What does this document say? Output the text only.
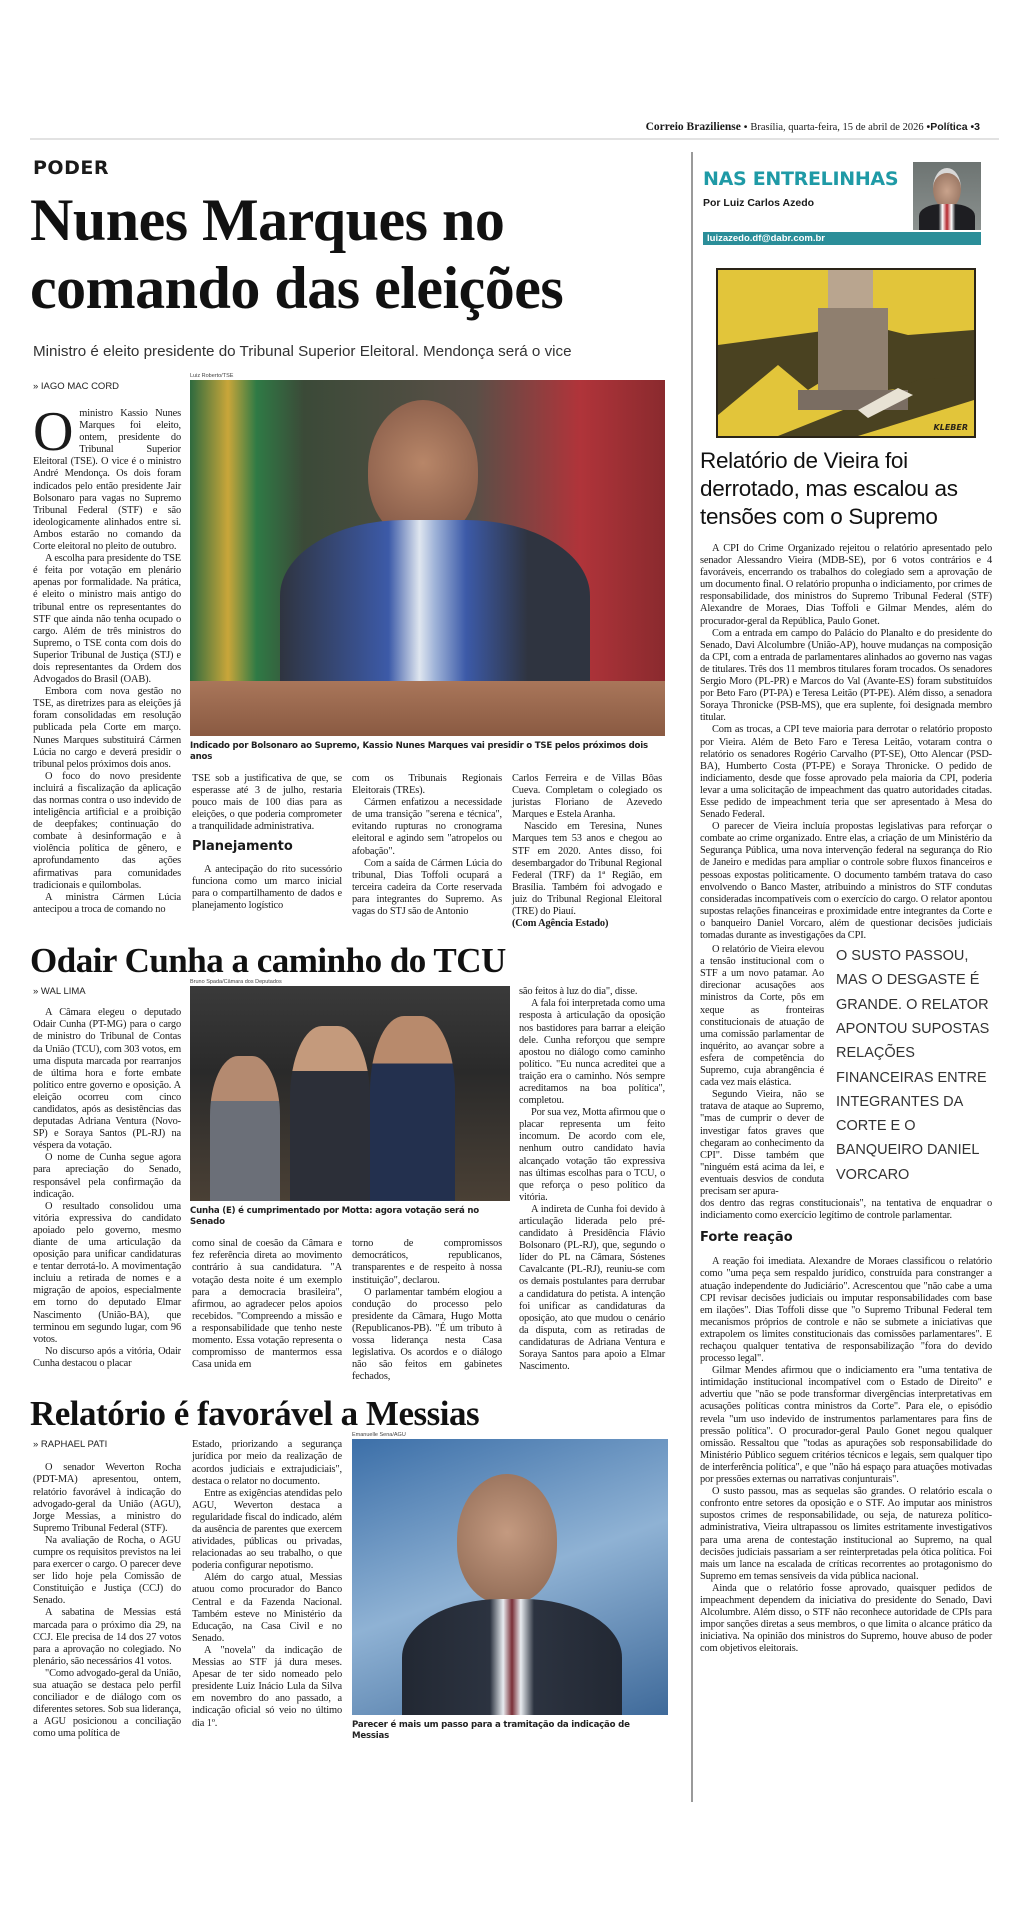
Correio Braziliense • Brasília, quarta-feira, 15 de abril de 2026 •Política •3
PODER
Nunes Marques no
comando das eleições
Ministro é eleito presidente do Tribunal Superior Eleitoral. Mendonça será o vice
» IAGO MAC CORD
O ministro Kassio Nunes Marques foi eleito, ontem, presidente do Tribunal Superior Eleitoral (TSE). O vice é o ministro André Mendonça. Os dois foram indicados pelo então presidente Jair Bolsonaro para vagas no Supremo Tribunal Federal (STF) e são ideologicamente alinhados entre si. Ambos estarão no comando da Corte eleitoral no pleito de outubro.

A escolha para presidente do TSE é feita por votação em plenário apenas por formalidade. Na prática, é eleito o ministro mais antigo do tribunal entre os representantes do STF que ainda não tenha ocupado o cargo. Além de três ministros do Supremo, o TSE conta com dois do Superior Tribunal de Justiça (STJ) e dois representantes da Ordem dos Advogados do Brasil (OAB).

Embora com nova gestão no TSE, as diretrizes para as eleições já foram consolidadas em resolução publicada pela Corte em março. Nunes Marques substituirá Cármen Lúcia no cargo e deverá presidir o tribunal pelos próximos dois anos.

O foco do novo presidente incluirá a fiscalização da aplicação das normas contra o uso indevido de inteligência artificial e a proibição de deepfakes; continuação do combate à desinformação e à violência política de gênero, e aprofundamento das ações afirmativas para comunidades tradicionais e quilombolas.

A ministra Cármen Lúcia antecipou a troca de comando no

Luiz Roberto/TSE
Indicado por Bolsonaro ao Supremo, Kassio Nunes Marques vai presidir o TSE pelos próximos dois anos

TSE sob a justificativa de que, se esperasse até 3 de julho, restaria pouco mais de 100 dias para as eleições, o que poderia comprometer a tranquilidade administrativa.

Planejamento

A antecipação do rito sucessório funciona como um marco inicial para o compartilhamento de dados e planejamento logístico

com os Tribunais Regionais Eleitorais (TREs).

Cármen enfatizou a necessidade de uma transição "serena e técnica", evitando rupturas no cronograma eleitoral e agindo sem "atropelos ou afobação".

Com a saída de Cármen Lúcia do tribunal, Dias Toffoli ocupará a terceira cadeira da Corte reservada para integrantes do Supremo. As vagas do STJ são de Antonio

Carlos Ferreira e de Villas Bôas Cueva. Completam o colegiado os juristas Floriano de Azevedo Marques e Estela Aranha.

Nascido em Teresina, Nunes Marques tem 53 anos e chegou ao STF em 2020. Antes disso, foi desembargador do Tribunal Regional Federal (TRF) da 1ª Região, em Brasília. Também foi advogado e juiz do Tribunal Regional Eleitoral (TRE) do Piauí.

(Com Agência Estado)
Odair Cunha a caminho do TCU
» WAL LIMA

A Câmara elegeu o deputado Odair Cunha (PT-MG) para o cargo de ministro do Tribunal de Contas da União (TCU), com 303 votos, em uma disputa marcada por rearranjos de última hora e forte embate político entre governo e oposição. A eleição ocorreu com cinco candidatos, após as desistências das deputadas Adriana Ventura (Novo-SP) e Soraya Santos (PL-RJ) na véspera da votação.

O nome de Cunha segue agora para apreciação do Senado, responsável pela confirmação da indicação.

O resultado consolidou uma vitória expressiva do candidato apoiado pelo governo, mesmo diante de uma articulação da oposição para unificar candidaturas e tentar derrotá-lo. A movimentação incluiu a retirada de nomes e a migração de apoios, especialmente em torno do deputado Elmar Nascimento (União-BA), que terminou em segundo lugar, com 96 votos.

No discurso após a vitória, Odair Cunha destacou o placar

Bruno Spada/Câmara dos Deputados
Cunha (E) é cumprimentado por Motta: agora votação será no Senado

como sinal de coesão da Câmara e fez referência direta ao movimento contrário à sua candidatura. "A votação desta noite é um exemplo para a democracia brasileira", afirmou, ao agradecer pelos apoios recebidos. "Compreendo a missão e a responsabilidade que tenho neste momento. Essa votação representa o compromisso de mantermos essa Casa unida em

torno de compromissos democráticos, republicanos, transparentes e de respeito à nossa instituição", declarou.

O parlamentar também elogiou a condução do processo pelo presidente da Câmara, Hugo Motta (Republicanos-PB). "É um tributo à vossa liderança nesta Casa legislativa. Os acordos e o diálogo não são feitos em gabinetes fechados,

são feitos à luz do dia", disse.

A fala foi interpretada como uma resposta à articulação da oposição nos bastidores para barrar a eleição dele. Cunha reforçou que sempre apostou no diálogo como caminho político. "Eu nunca acreditei que a traição era o caminho. Nós sempre acreditamos na boa política", completou.

Por sua vez, Motta afirmou que o placar representa um feito incomum. De acordo com ele, nenhum outro candidato havia alcançado votação tão expressiva nas últimas escolhas para o TCU, o que reforça o peso político da vitória.

A indireta de Cunha foi devido à articulação liderada pelo pré-candidato à Presidência Flávio Bolsonaro (PL-RJ), que, segundo o líder do PL na Câmara, Sóstenes Cavalcante (PL-RJ), reuniu-se com os demais postulantes para derrubar a candidatura do petista. A intenção foi unificar as candidaturas da oposição, ato que mudou o cenário da disputa, com as retiradas de candidaturas de Adriana Ventura e Soraya Santos para apoio a Elmar Nascimento.

Relatório é favorável a Messias
» RAPHAEL PATI

O senador Weverton Rocha (PDT-MA) apresentou, ontem, relatório favorável à indicação do advogado-geral da União (AGU), Jorge Messias, a ministro do Supremo Tribunal Federal (STF).

Na avaliação de Rocha, o AGU cumpre os requisitos previstos na lei para exercer o cargo. O parecer deve ser lido hoje pela Comissão de Constituição e Justiça (CCJ) do Senado.

A sabatina de Messias está marcada para o próximo dia 29, na CCJ. Ele precisa de 14 dos 27 votos para a aprovação no colegiado. No plenário, são necessários 41 votos.

"Como advogado-geral da União, sua atuação se destaca pelo perfil conciliador e de diálogo com os diferentes setores. Sob sua liderança, a AGU posicionou a conciliação como uma política de

Estado, priorizando a segurança jurídica por meio da realização de acordos judiciais e extrajudiciais", destaca o relator no documento.

Entre as exigências atendidas pelo AGU, Weverton destaca a regularidade fiscal do indicado, além da ausência de parentes que exercem atividades, públicas ou privadas, relacionadas ao seu trabalho, o que poderia configurar nepotismo.

Além do cargo atual, Messias atuou como procurador do Banco Central e da Fazenda Nacional. Também esteve no Ministério da Educação, na Casa Civil e no Senado.

A "novela" da indicação de Messias ao STF já dura meses. Apesar de ter sido nomeado pelo presidente Luiz Inácio Lula da Silva em novembro do ano passado, a indicação oficial só veio no último dia 1º.

Emanuelle Sena/AGU
Parecer é mais um passo para a tramitação da indicação de Messias
NAS ENTRELINHAS
Por Luiz Carlos Azedo
luizazedo.df@dabr.com.br
KLEBER
Relatório de Vieira foi derrotado, mas escalou as tensões com o Supremo

A CPI do Crime Organizado rejeitou o relatório apresentado pelo senador Alessandro Vieira (MDB-SE), por 6 votos contrários e 4 favoráveis, encerrando os trabalhos do colegiado sem a aprovação de um documento final. O relatório propunha o indiciamento, por crimes de responsabilidade, dos ministros do Supremo Tribunal Federal (STF) Alexandre de Moraes, Dias Toffoli e Gilmar Mendes, além do procurador-geral da República, Paulo Gonet.

Com a entrada em campo do Palácio do Planalto e do presidente do Senado, Davi Alcolumbre (União-AP), houve mudanças na composição da CPI, com a entrada de parlamentares alinhados ao governo nas vagas de titulares. Três dos 11 membros titulares foram trocados. Os senadores Sergio Moro (PL-PR) e Marcos do Val (Avante-ES) foram substituídos por Beto Faro (PT-PA) e Teresa Leitão (PT-PE). Além disso, a senadora Soraya Thronicke (PSB-MS), que era suplente, foi designada membro titular.

Com as trocas, a CPI teve maioria para derrotar o relatório proposto por Vieira. Além de Beto Faro e Teresa Leitão, votaram contra o relatório os senadores Rogério Carvalho (PT-SE), Otto Alencar (PSD-BA), Humberto Costa (PT-PE) e Soraya Thronicke. O pedido de indiciamento, desde que fosse aprovado pela maioria da CPI, poderia levar a uma solicitação de impeachment das quatro autoridades citadas. Esse pedido de impeachment teria que ser apresentado à Mesa do Senado Federal.

O parecer de Vieira incluía propostas legislativas para reforçar o combate ao crime organizado. Entre elas, a criação de um Ministério da Segurança Pública, uma nova intervenção federal na segurança do Rio de Janeiro e medidas para ampliar o controle sobre fluxos financeiros e pessoas expostas politicamente. O documento também tratava do caso envolvendo o Banco Master, atribuindo a ministros do STF condutas consideradas incompatíveis com o exercício do cargo. O relator apontou supostas relações financeiras e proximidade entre integrantes da Corte e o banqueiro Daniel Vorcaro, além de questionar decisões judiciais tomadas durante as investigações da CPI.

O relatório de Vieira elevou a tensão institucional com o STF a um novo patamar. Ao direcionar acusações aos ministros da Corte, pôs em xeque as fronteiras constitucionais de atuação de uma comissão parlamentar de inquérito, ao avançar sobre a esfera de competência do Supremo, cuja abrangência é cada vez mais elástica.

Segundo Vieira, não se tratava de ataque ao Supremo, "mas de cumprir o dever de investigar fatos graves que chegaram ao conhecimento da CPI". Disse também que "ninguém está acima da lei, e eventuais desvios de conduta precisam ser apura-

O SUSTO PASSOU, MAS O DESGASTE É GRANDE. O RELATOR APONTOU SUPOSTAS RELAÇÕES FINANCEIRAS ENTRE INTEGRANTES DA CORTE E O BANQUEIRO DANIEL VORCARO

dos dentro das regras constitucionais", na tentativa de enquadrar o indiciamento como exercício legítimo de controle parlamentar.

Forte reação

A reação foi imediata. Alexandre de Moraes classificou o relatório como "uma peça sem respaldo jurídico, construída para constranger a atuação independente do Judiciário". Acrescentou que "não cabe a uma CPI revisar decisões judiciais ou imputar responsabilidades com base em ilações". Dias Toffoli disse que "o Supremo Tribunal Federal tem mecanismos próprios de controle e não se submete a iniciativas que extrapolem os limites constitucionais das comissões parlamentares". E rechaçou qualquer tentativa de responsabilização "fora do devido processo legal".

Gilmar Mendes afirmou que o indiciamento era "uma tentativa de intimidação institucional incompatível com o Estado de Direito" e advertiu que "não se pode transformar divergências interpretativas em acusações políticas contra ministros da Corte". Para ele, o episódio revela "um uso indevido de instrumentos parlamentares para fins de pressão política". O procurador-geral Paulo Gonet negou qualquer omissão. Ressaltou que "todas as apurações sob responsabilidade do Ministério Público seguem critérios técnicos e legais, sem qualquer tipo de interferência política", e que "não há espaço para atuações motivadas por pressões externas ou narrativas conjunturais".

O susto passou, mas as sequelas são grandes. O relatório escala o confronto entre setores da oposição e o STF. Ao imputar aos ministros supostos crimes de responsabilidade, ou seja, de natureza político-administrativa, Vieira ultrapassou os limites estritamente investigativos para uma arena de contestação institucional ao Supremo, na qual decisões judiciais passariam a ser reinterpretadas pela ótica política. Foi mais um lance na escalada de críticas recorrentes ao protagonismo do Supremo em temas sensíveis da vida pública nacional.

Ainda que o relatório fosse aprovado, quaisquer pedidos de impeachment dependem da iniciativa do presidente do Senado, Davi Alcolumbre. Além disso, o STF não reconhece autoridade de CPIs para impor sanções diretas a seus membros, o que limita o alcance prático da iniciativa. Na opinião dos ministros do Supremo, houve abuso de poder com objetivos eleitorais.
